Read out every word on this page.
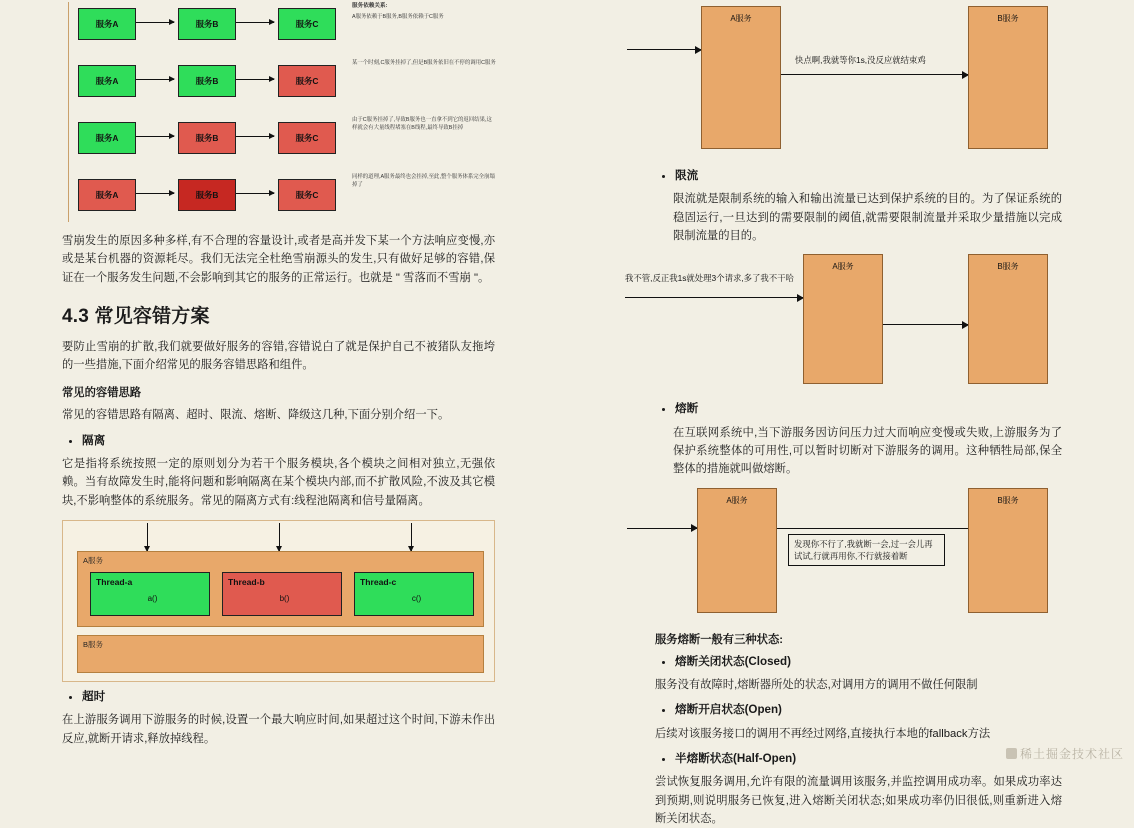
服务A	服务B	服务C
服务依赖关系:
A服务依赖于B服务,B服务依赖于C服务
服务A	服务B	服务C
某一个时刻,C服务挂掉了,但是B服务依旧在不停的调用C服务
服务A	服务B	服务C
由于C服务挂掉了,导致B服务也一直拿不到它的返回结果,这样就会有大量线程堵塞在B线程,最终导致B挂掉
服务A	服务B	服务C
同样的道理,A服务最终也会挂掉,至此,整个服务体系完全崩塌掉了

雪崩发生的原因多种多样,有不合理的容量设计,或者是高并发下某一个方法响应变慢,亦或是某台机器的资源耗尽。我们无法完全杜绝雪崩源头的发生,只有做好足够的容错,保证在一个服务发生问题,不会影响到其它的服务的正常运行。也就是 " 雪落而不雪崩 "。

4.3 常见容错方案

要防止雪崩的扩散,我们就要做好服务的容错,容错说白了就是保护自己不被猪队友拖垮的一些措施,下面介绍常见的服务容错思路和组件。

常见的容错思路

常见的容错思路有隔离、超时、限流、熔断、降级这几种,下面分别介绍一下。

• 隔离

它是指将系统按照一定的原则划分为若干个服务模块,各个模块之间相对独立,无强依赖。当有故障发生时,能将问题和影响隔离在某个模块内部,而不扩散风险,不波及其它模块,不影响整体的系统服务。常见的隔离方式有:线程池隔离和信号量隔离。

A服务
Thread-a
a()
Thread-b
b()
Thread-c
c()
B服务
• 超时

在上游服务调用下游服务的时候,设置一个最大响应时间,如果超过这个时间,下游未作出反应,就断开请求,释放掉线程。

A服务
快点啊,我就等你1s,没反应就结束鸡
B服务
• 限流

限流就是限制系统的输入和输出流量已达到保护系统的目的。为了保证系统的稳固运行,一旦达到的需要限制的阈值,就需要限制流量并采取少量措施以完成限制流量的目的。

我不管,反正我1s就处理3个请求,多了我不干哈
A服务	B服务
• 熔断

在互联网系统中,当下游服务因访问压力过大而响应变慢或失败,上游服务为了保护系统整体的可用性,可以暂时切断对下游服务的调用。这种牺牲局部,保全整体的措施就叫做熔断。

A服务
发现你不行了,我就断一会,过一会儿再试试,行就再用你,不行就接着断
B服务
服务熔断一般有三种状态:
• 熔断关闭状态(Closed)

服务没有故障时,熔断器所处的状态,对调用方的调用不做任何限制

• 熔断开启状态(Open)

后续对该服务接口的调用不再经过网络,直接执行本地的fallback方法

• 半熔断状态(Half-Open)

尝试恢复服务调用,允许有限的流量调用该服务,并监控调用成功率。如果成功率达到预期,则说明服务已恢复,进入熔断关闭状态;如果成功率仍旧很低,则重新进入熔断关闭状态。

稀土掘金技术社区
